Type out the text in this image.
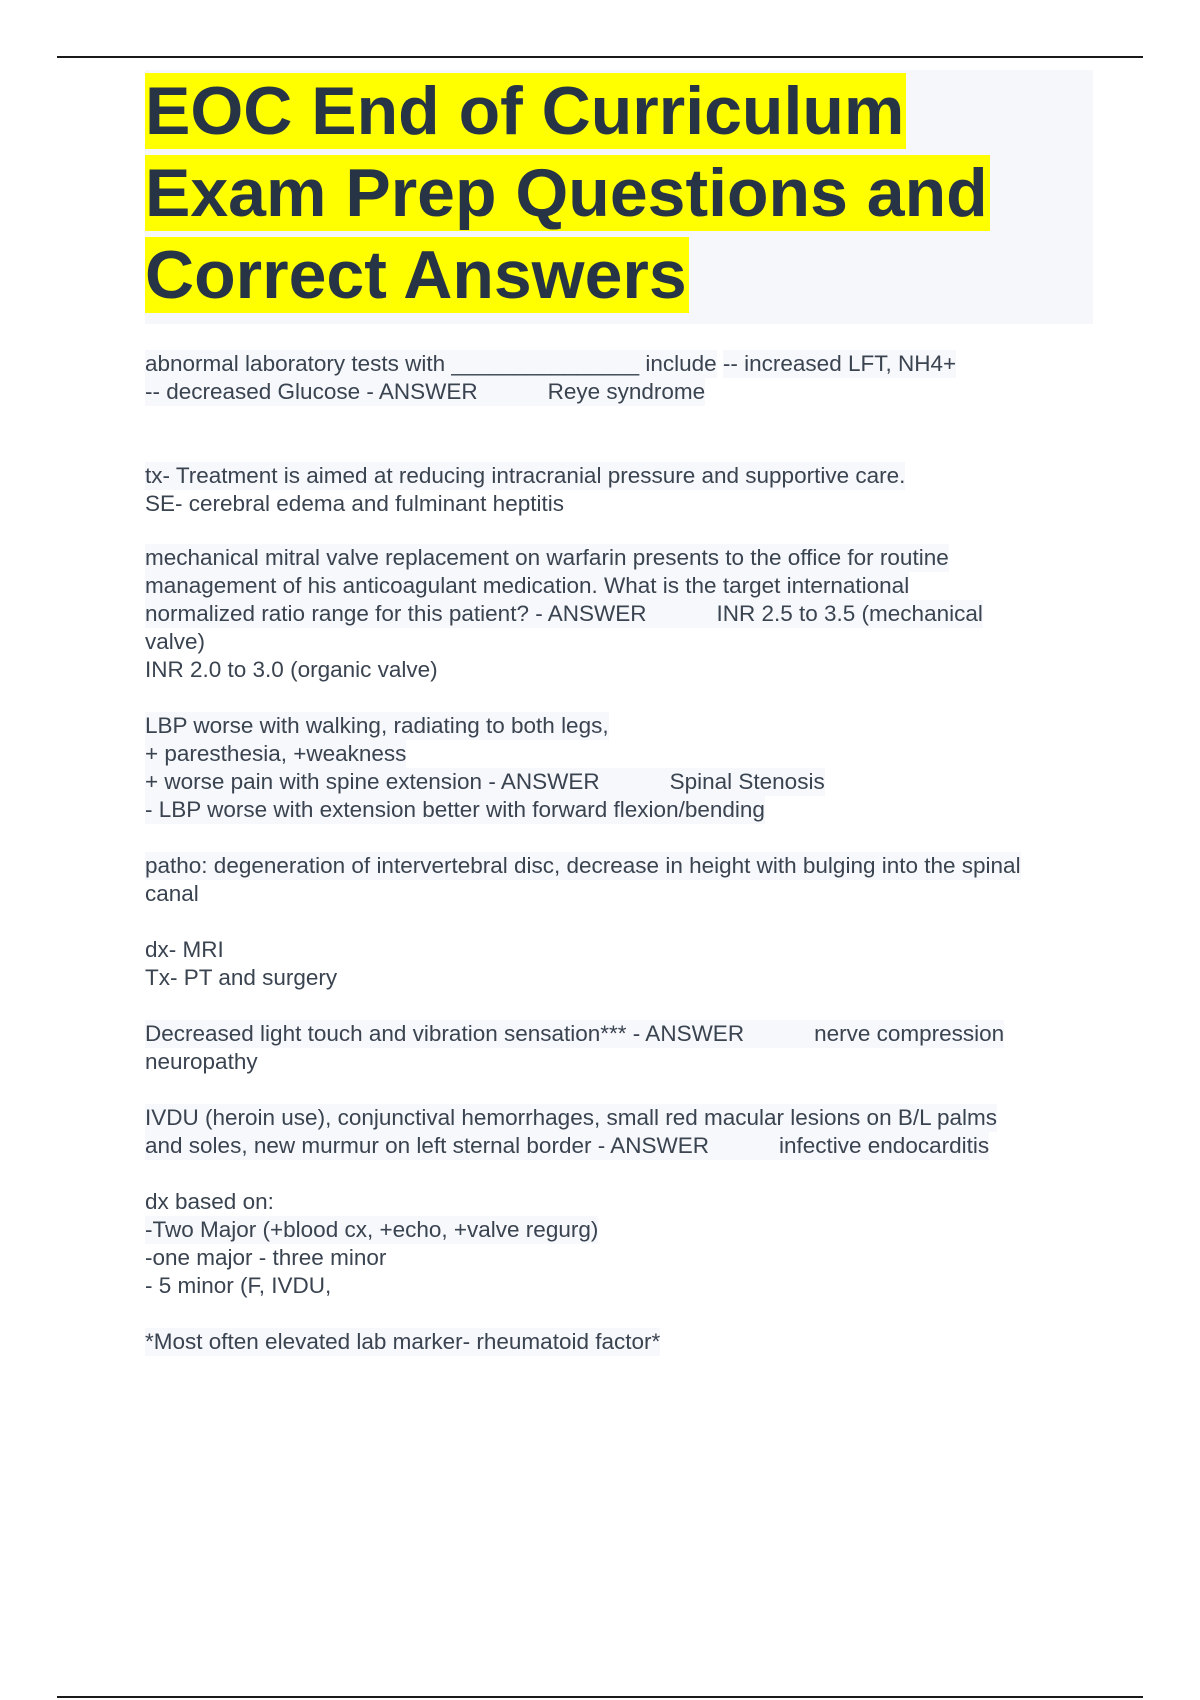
EOC End of Curriculum
Exam Prep Questions and
Correct Answers
abnormal laboratory tests with _______________ include -- increased LFT, NH4+
-- decreased Glucose - ANSWER	Reye syndrome
tx- Treatment is aimed at reducing intracranial pressure and supportive care.

SE- cerebral edema and fulminant heptitis
mechanical mitral valve replacement on warfarin presents to the office for routine
management of his anticoagulant medication. What is the target international
normalized ratio range for this patient? - ANSWER	INR 2.5 to 3.5 (mechanical

valve)
INR 2.0 to 3.0 (organic valve)
LBP worse with walking, radiating to both legs,
+ paresthesia, +weakness
+ worse pain with spine extension - ANSWER	Spinal Stenosis
- LBP worse with extension better with forward flexion/bending
patho: degeneration of intervertebral disc, decrease in height with bulging into the spinal

canal
dx- MRI
Tx- PT and surgery
Decreased light touch and vibration sensation*** - ANSWER	nerve compression

neuropathy
IVDU (heroin use), conjunctival hemorrhages, small red macular lesions on B/L palms
and soles, new murmur on left sternal border - ANSWER	infective endocarditis
dx based on:
-Two Major (+blood cx, +echo, +valve regurg)

-one major - three minor
- 5 minor (F, IVDU,
*Most often elevated lab marker- rheumatoid factor*
